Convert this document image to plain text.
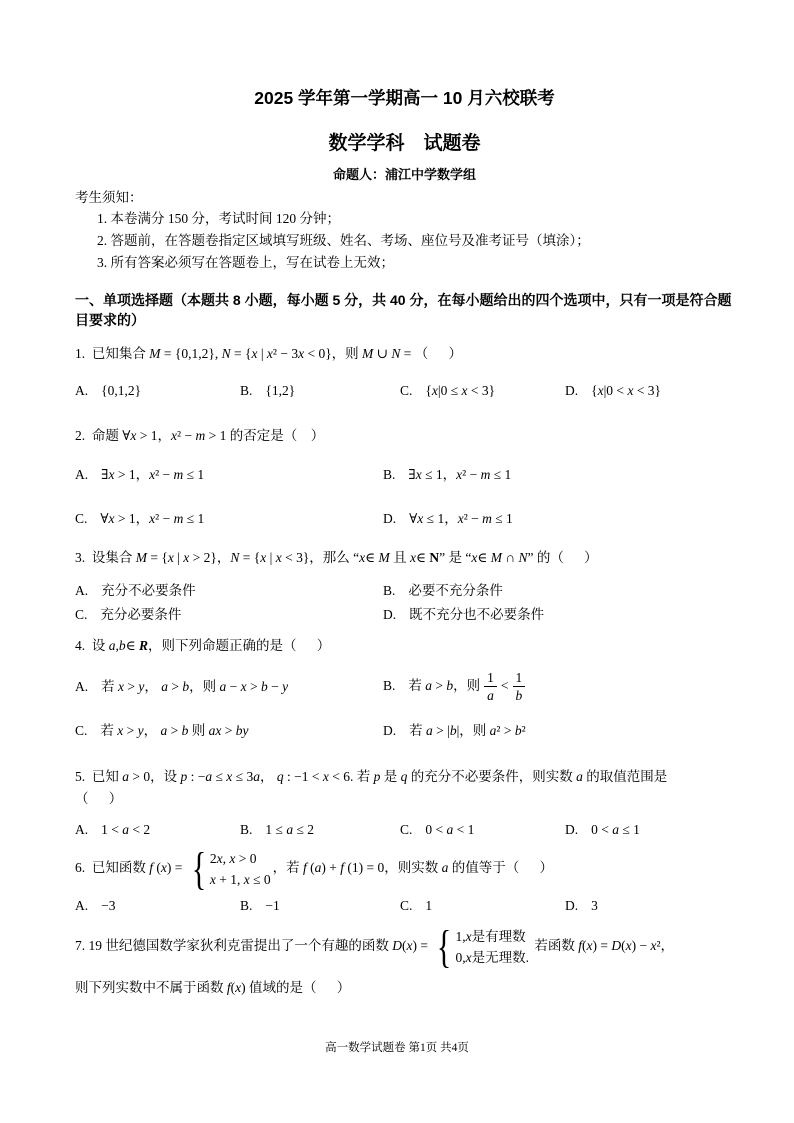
2025 学年第一学期高一 10 月六校联考
数学学科　试题卷
命题人：浦江中学数学组
考生须知：
1. 本卷满分 150 分，考试时间 120 分钟；
2. 答题前，在答题卷指定区域填写班级、姓名、考场、座位号及准考证号（填涂）；
3. 所有答案必须写在答题卷上，写在试卷上无效；
一、单项选择题（本题共 8 小题，每小题 5 分，共 40 分，在每小题给出的四个选项中，只有一项是符合题目要求的）
1.  已知集合 M = {0,1,2}, N = {x | x² − 3x < 0}，则 M ∪ N = （      ）
A. {0,1,2}	B. {1,2}	C. {x|0 ≤ x < 3}	D. {x|0 < x < 3}
2.  命题 ∀x > 1，x² − m > 1 的否定是（    ）
A. ∃x > 1，x² − m ≤ 1	B. ∃x ≤ 1，x² − m ≤ 1
C. ∀x > 1，x² − m ≤ 1	D. ∀x ≤ 1，x² − m ≤ 1
3.  设集合 M = {x | x > 2}，N = {x | x < 3}，那么 “x∈ M 且 x∈ N” 是 “x∈ M ∩ N” 的（      ）
A. 充分不必要条件	B. 必要不充分条件
C. 充分必要条件	D. 既不充分也不必要条件
4.  设 a,b∈ R，则下列命题正确的是（      ）
A. 若 x > y， a > b，则 a − x > b − y	B. 若 a > b，则 $\frac{1}{a} < \frac{1}{b}$
C. 若 x > y， a > b 则 ax > by	D. 若 a > |b|，则 a² > b²
5.  已知 a > 0，设 p : −a ≤ x ≤ 3a， q : −1 < x < 6. 若 p 是 q 的充分不必要条件，则实数 a 的取值范围是
（      ）
A. 1 < a < 2	B. 1 ≤ a ≤ 2	C. 0 < a < 1	D. 0 < a ≤ 1
6.  已知函数 f (x) = { 2x, x > 0
x + 1, x ≤ 0
，若 f (a) + f (1) = 0，则实数 a 的值等于（      ）
A. −3	B. −1	C. 1	D. 3
7. 19 世纪德国数学家狄利克雷提出了一个有趣的函数 D(x) = { 1,x是有理数
0,x是无理数.
若函数 f(x) = D(x) − x²，
则下列实数中不属于函数 f(x) 值域的是（      ）
高一数学试题卷 第1页 共4页
